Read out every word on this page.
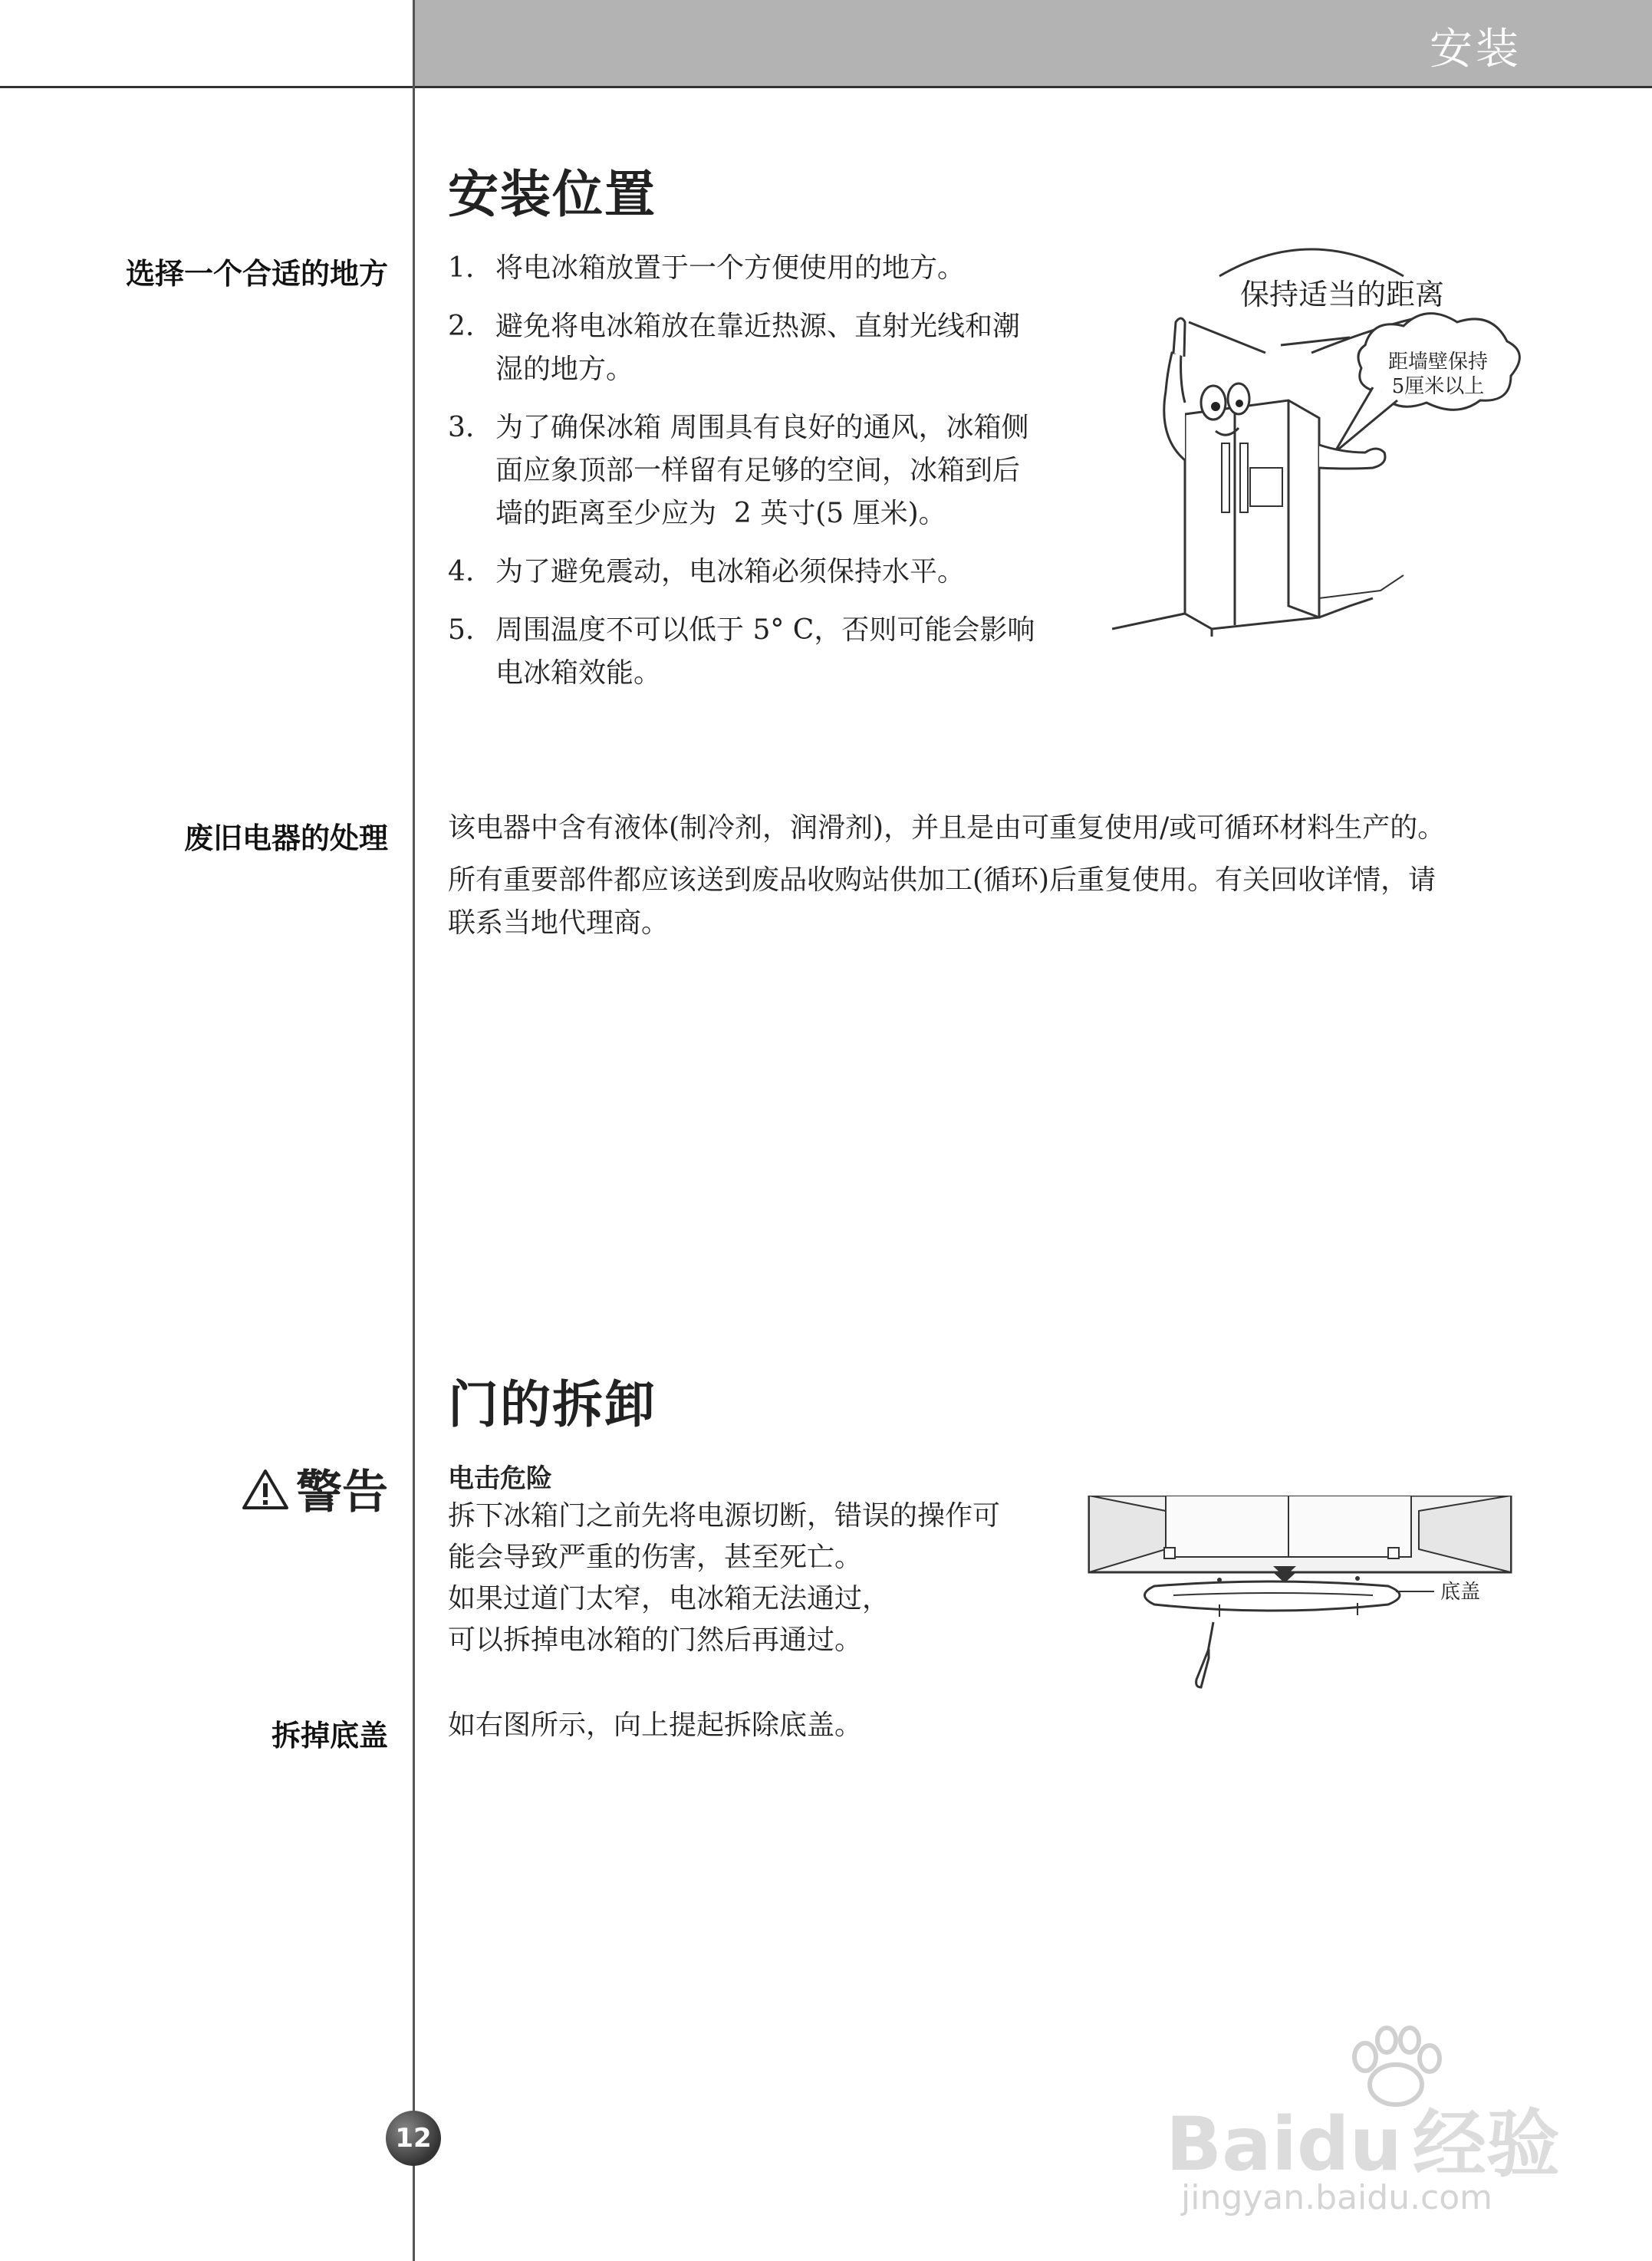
安装
安装位置
选择一个合适的地方 1. 将电冰箱放置于一个方便使用的地方。
2. 避免将电冰箱放在靠近热源、直射光线和潮
湿的地方。
3. 为了确保冰箱 周围具有良好的通风，冰箱侧
面应象顶部一样留有足够的空间，冰箱到后
墙的距离至少应为  2 英寸(5 厘米)。
4. 为了避免震动，电冰箱必须保持水平。
5. 周围温度不可以低于 5° C，否则可能会影响
电冰箱效能。
保持适当的距离
距墙壁保持
5厘米以上
废旧电器的处理 该电器中含有液体(制冷剂，润滑剂)，并且是由可重复使用/或可循环材料生产的。

所有重要部件都应该送到废品收购站供加工(循环)后重复使用。有关回收详情，请

联系当地代理商。

门的拆卸
警告 电击危险
拆下冰箱门之前先将电源切断，错误的操作可
能会导致严重的伤害，甚至死亡。
如果过道门太窄，电冰箱无法通过，
可以拆掉电冰箱的门然后再通过。
底盖
拆掉底盖 如右图所示，向上提起拆除底盖。
12	Baidu 经验
jingyan.baidu.com
